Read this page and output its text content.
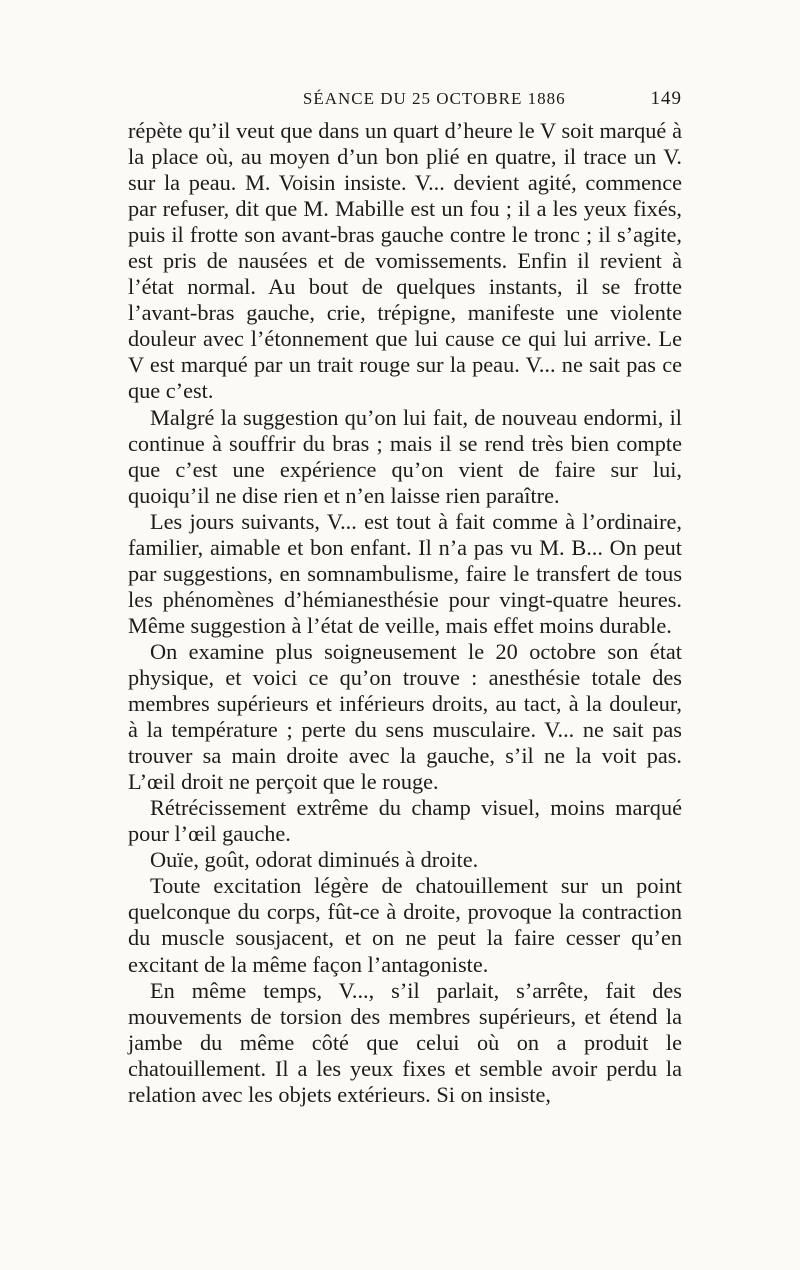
SÉANCE DU 25 OCTOBRE 1886	149

répète qu’il veut que dans un quart d’heure le V soit marqué à la place où, au moyen d’un bon plié en quatre, il trace un V. sur la peau. M. Voisin insiste. V... devient agité, commence par refuser, dit que M. Mabille est un fou ; il a les yeux fixés, puis il frotte son avant-bras gauche contre le tronc ; il s’agite, est pris de nausées et de vomissements. Enfin il revient à l’état normal. Au bout de quelques instants, il se frotte l’avant-bras gauche, crie, trépigne, manifeste une violente douleur avec l’étonnement que lui cause ce qui lui arrive. Le V est marqué par un trait rouge sur la peau. V... ne sait pas ce que c’est.

Malgré la suggestion qu’on lui fait, de nouveau endormi, il continue à souffrir du bras ; mais il se rend très bien compte que c’est une expérience qu’on vient de faire sur lui, quoiqu’il ne dise rien et n’en laisse rien paraître.

Les jours suivants, V... est tout à fait comme à l’ordinaire, familier, aimable et bon enfant. Il n’a pas vu M. B... On peut par suggestions, en somnambulisme, faire le transfert de tous les phénomènes d’hémianesthésie pour vingt-quatre heures. Même suggestion à l’état de veille, mais effet moins durable.

On examine plus soigneusement le 20 octobre son état physique, et voici ce qu’on trouve : anesthésie totale des membres supérieurs et inférieurs droits, au tact, à la douleur, à la température ; perte du sens musculaire. V... ne sait pas trouver sa main droite avec la gauche, s’il ne la voit pas. L’œil droit ne perçoit que le rouge.

Rétrécissement extrême du champ visuel, moins marqué pour l’œil gauche.

Ouïe, goût, odorat diminués à droite.

Toute excitation légère de chatouillement sur un point quelconque du corps, fût-ce à droite, provoque la contraction du muscle sousjacent, et on ne peut la faire cesser qu’en excitant de la même façon l’antagoniste.

En même temps, V..., s’il parlait, s’arrête, fait des mouvements de torsion des membres supérieurs, et étend la jambe du même côté que celui où on a produit le chatouillement. Il a les yeux fixes et semble avoir perdu la relation avec les objets extérieurs. Si on insiste,
